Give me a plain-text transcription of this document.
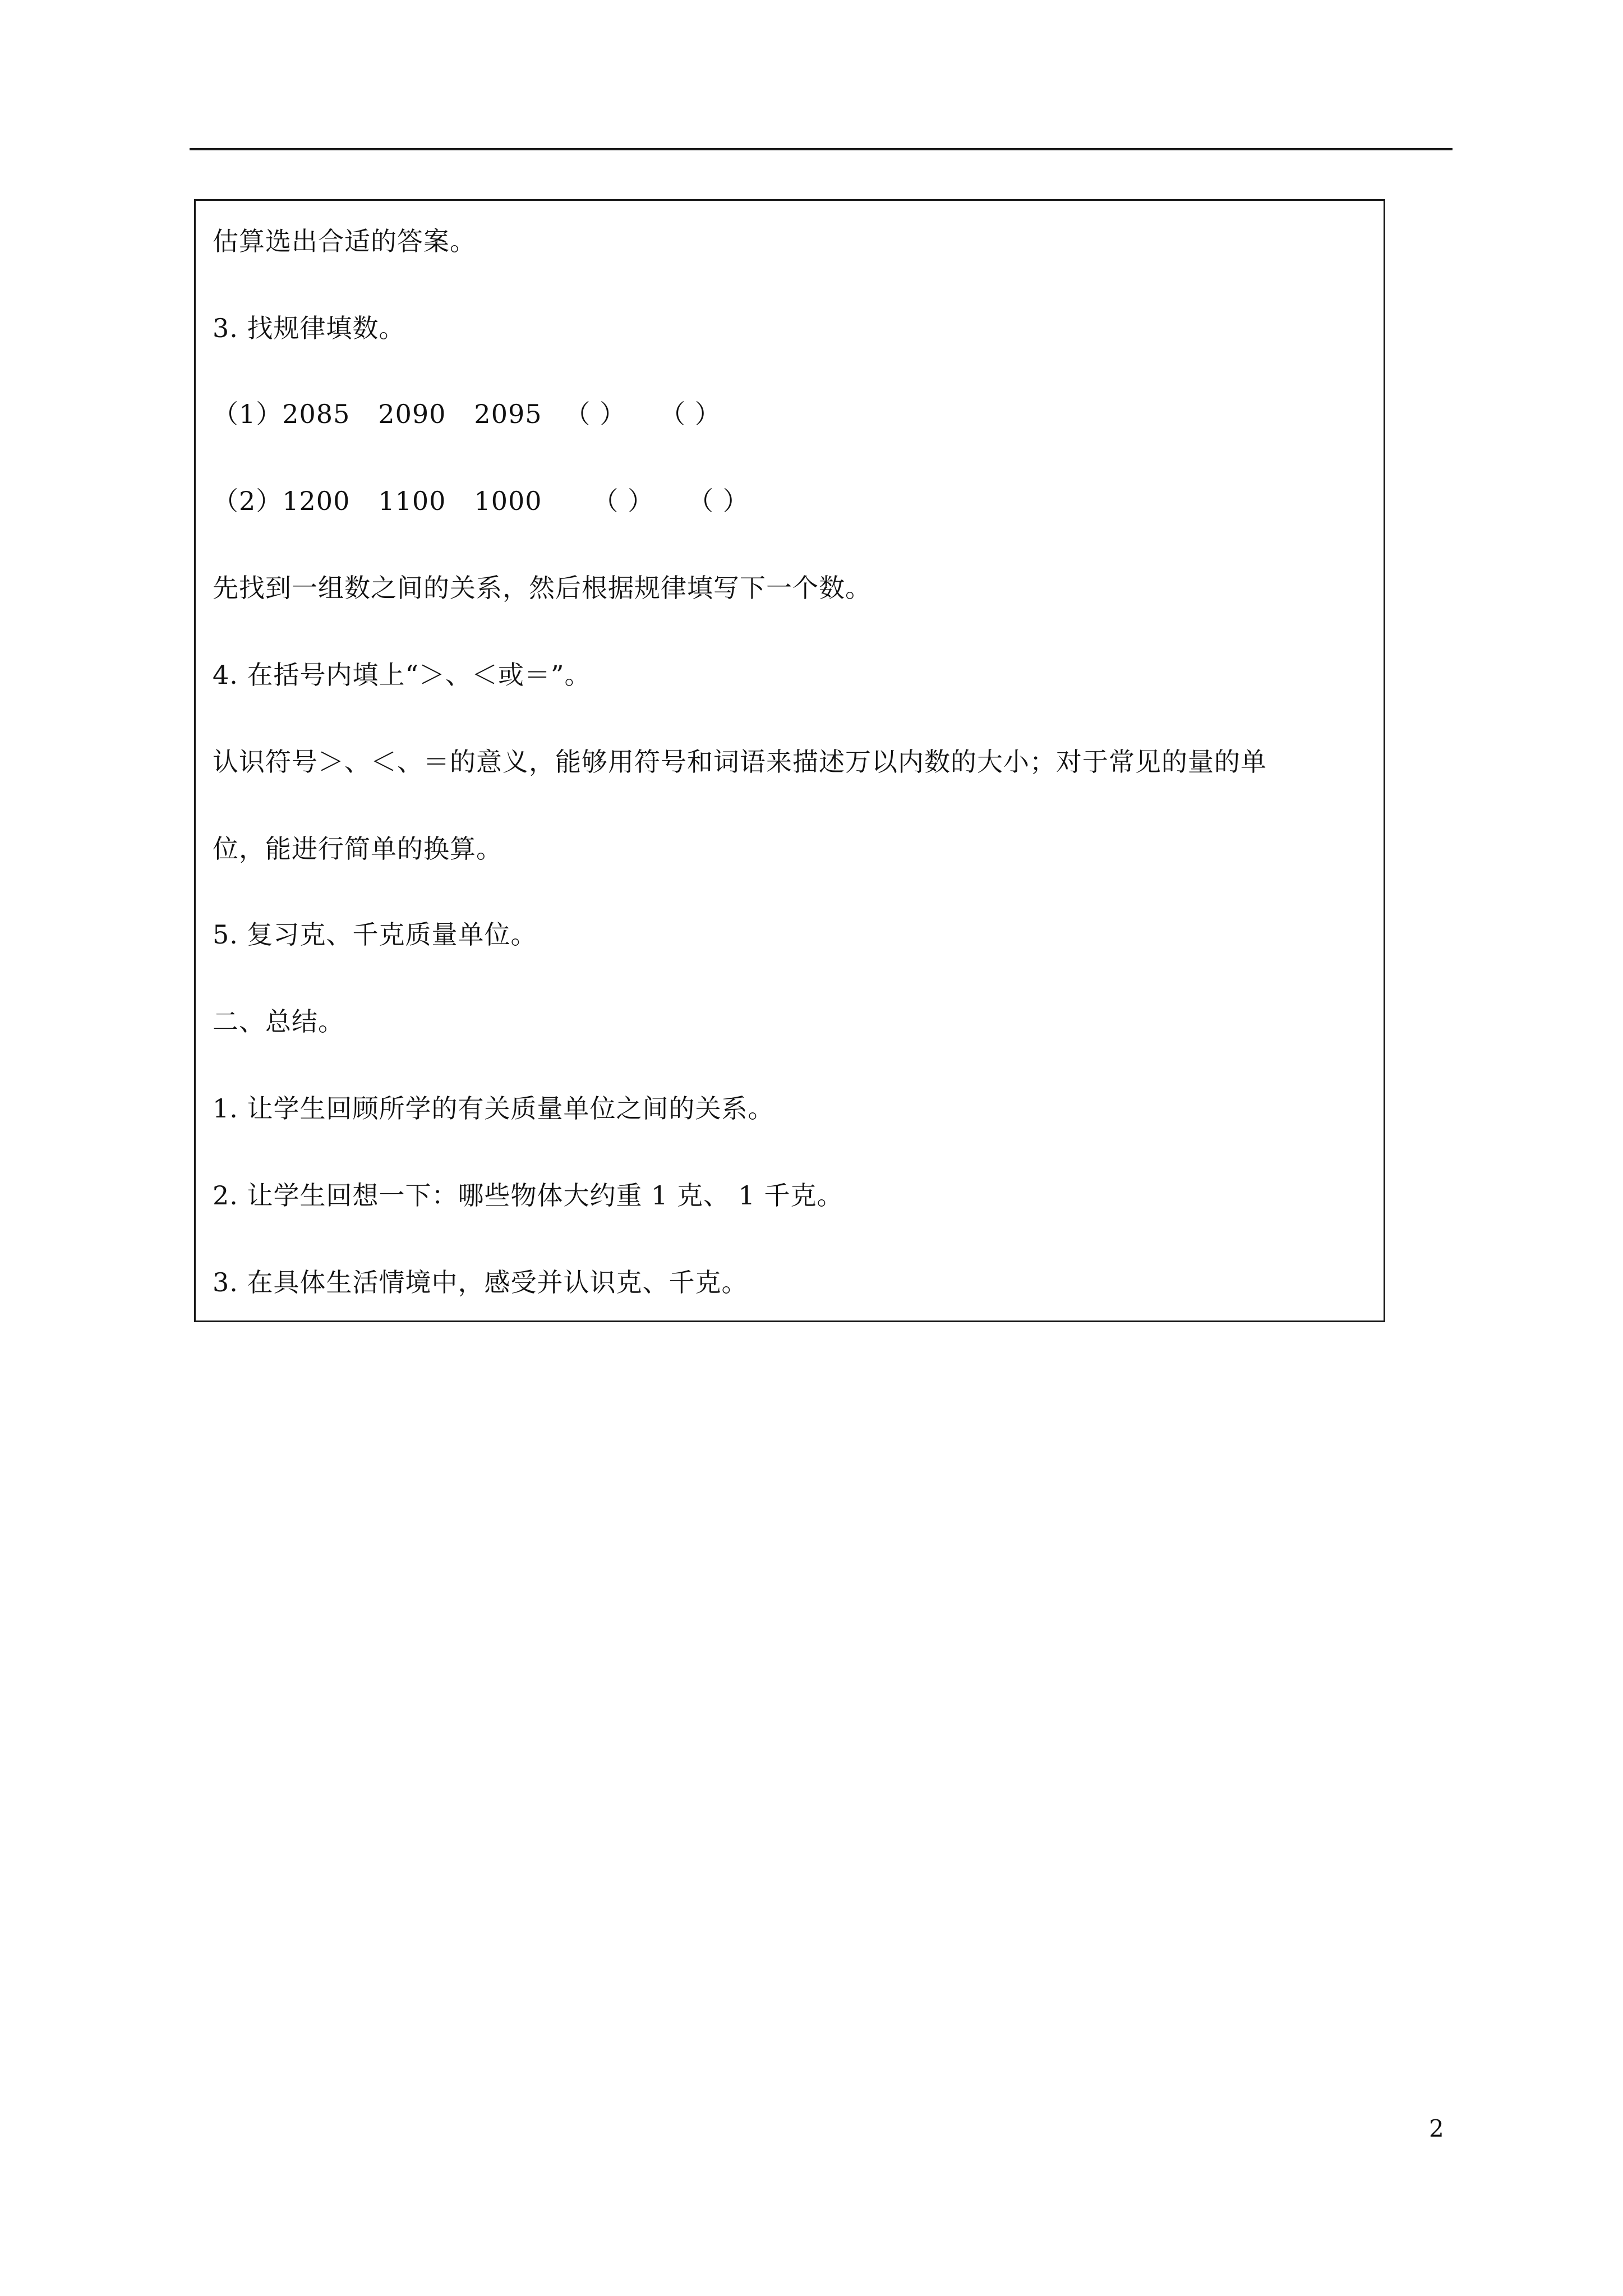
估算选出合适的答案。
3. 找规律填数。
（1）2085 2090 2095 （ ） （ ）
（2）1200 1100 1000 （ ） （ ）
先找到一组数之间的关系，然后根据规律填写下一个数。
4. 在括号内填上“＞、＜或＝”。
认识符号＞、＜、＝的意义，能够用符号和词语来描述万以内数的大小；对于常见的量的单
位，能进行简单的换算。
5. 复习克、千克质量单位。
二、总结。
1. 让学生回顾所学的有关质量单位之间的关系。
2. 让学生回想一下：哪些物体大约重 1 克、 1 千克。
3. 在具体生活情境中，感受并认识克、千克。
2
